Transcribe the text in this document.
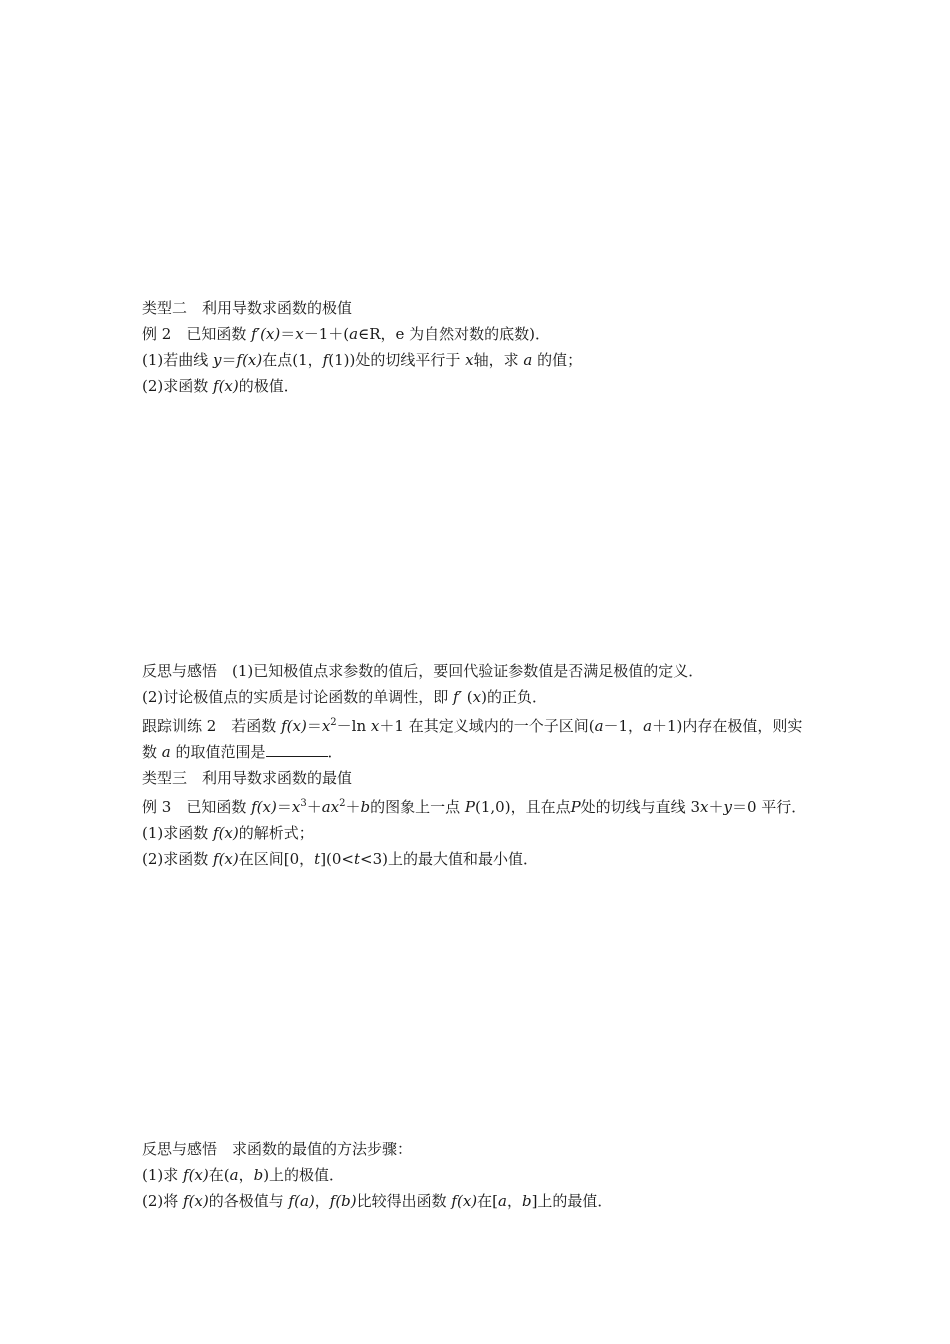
类型二　利用导数求函数的极值

例 2　 已知函数 f′(x)＝x－1＋(a∈R，e 为自然对数的底数)．

(1)若曲线 y＝f(x)在点(1，f(1))处的切线平行于 x轴，求 a 的值；

(2)求函数 f(x)的极值．

反思与感悟　(1)已知极值点求参数的值后，要回代验证参数值是否满足极值的定义．

(2)讨论极值点的实质是讨论函数的单调性，即 f′ (x)的正负．

跟踪训练 2　若函数 $f(x)=x^2-\ln$ x＋1 在其定义域内的一个子区间(a－1，a＋1)内存在极值，则实数 a 的取值范围是	．

类型三　利用导数求函数的最值

例 3　 已知函数 $f(x)=x^3+ax^2+b$的图象上一点 P(1,0)，且在点P处的切线与直线 3x＋y＝0 平行．

(1)求函数 f(x)的解析式；

(2)求函数 f(x)在区间[0，t](0<t<3)上的最大值和最小值．

反思与感悟　求函数的最值的方法步骤：

(1)求 f(x)在(a，b)上的极值．

(2)将 f(x)的各极值与 f(a)，f(b)比较得出函数 f(x)在[a，b]上的最值．
